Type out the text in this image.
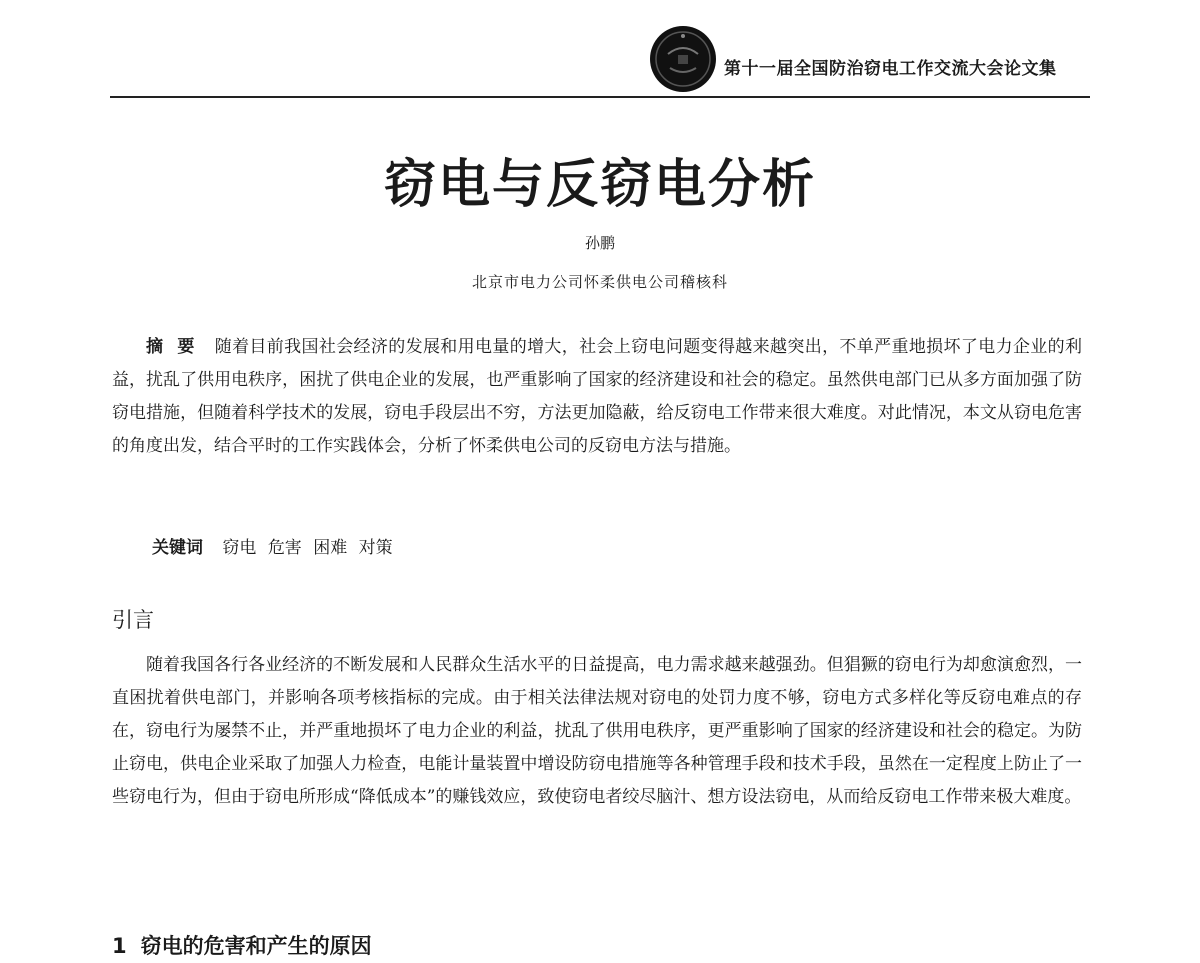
第十一届全国防治窃电工作交流大会论文集
窃电与反窃电分析
孙鹏
北京市电力公司怀柔供电公司稽核科

摘要 随着目前我国社会经济的发展和用电量的增大，社会上窃电问题变得越来越突出，不单严重地损坏了电力企业的利益，扰乱了供用电秩序，困扰了供电企业的发展，也严重影响了国家的经济建设和社会的稳定。虽然供电部门已从多方面加强了防窃电措施，但随着科学技术的发展，窃电手段层出不穷，方法更加隐蔽，给反窃电工作带来很大难度。对此情况，本文从窃电危害的角度出发，结合平时的工作实践体会，分析了怀柔供电公司的反窃电方法与措施。

关键词 窃电 危害 困难 对策
引言

随着我国各行各业经济的不断发展和人民群众生活水平的日益提高，电力需求越来越强劲。但猖獗的窃电行为却愈演愈烈，一直困扰着供电部门，并影响各项考核指标的完成。由于相关法律法规对窃电的处罚力度不够，窃电方式多样化等反窃电难点的存在，窃电行为屡禁不止，并严重地损坏了电力企业的利益，扰乱了供用电秩序，更严重影响了国家的经济建设和社会的稳定。为防止窃电，供电企业采取了加强人力检查，电能计量装置中增设防窃电措施等各种管理手段和技术手段，虽然在一定程度上防止了一些窃电行为，但由于窃电所形成“降低成本”的赚钱效应，致使窃电者绞尽脑汁、想方设法窃电，从而给反窃电工作带来极大难度。

1 窃电的危害和产生的原因
